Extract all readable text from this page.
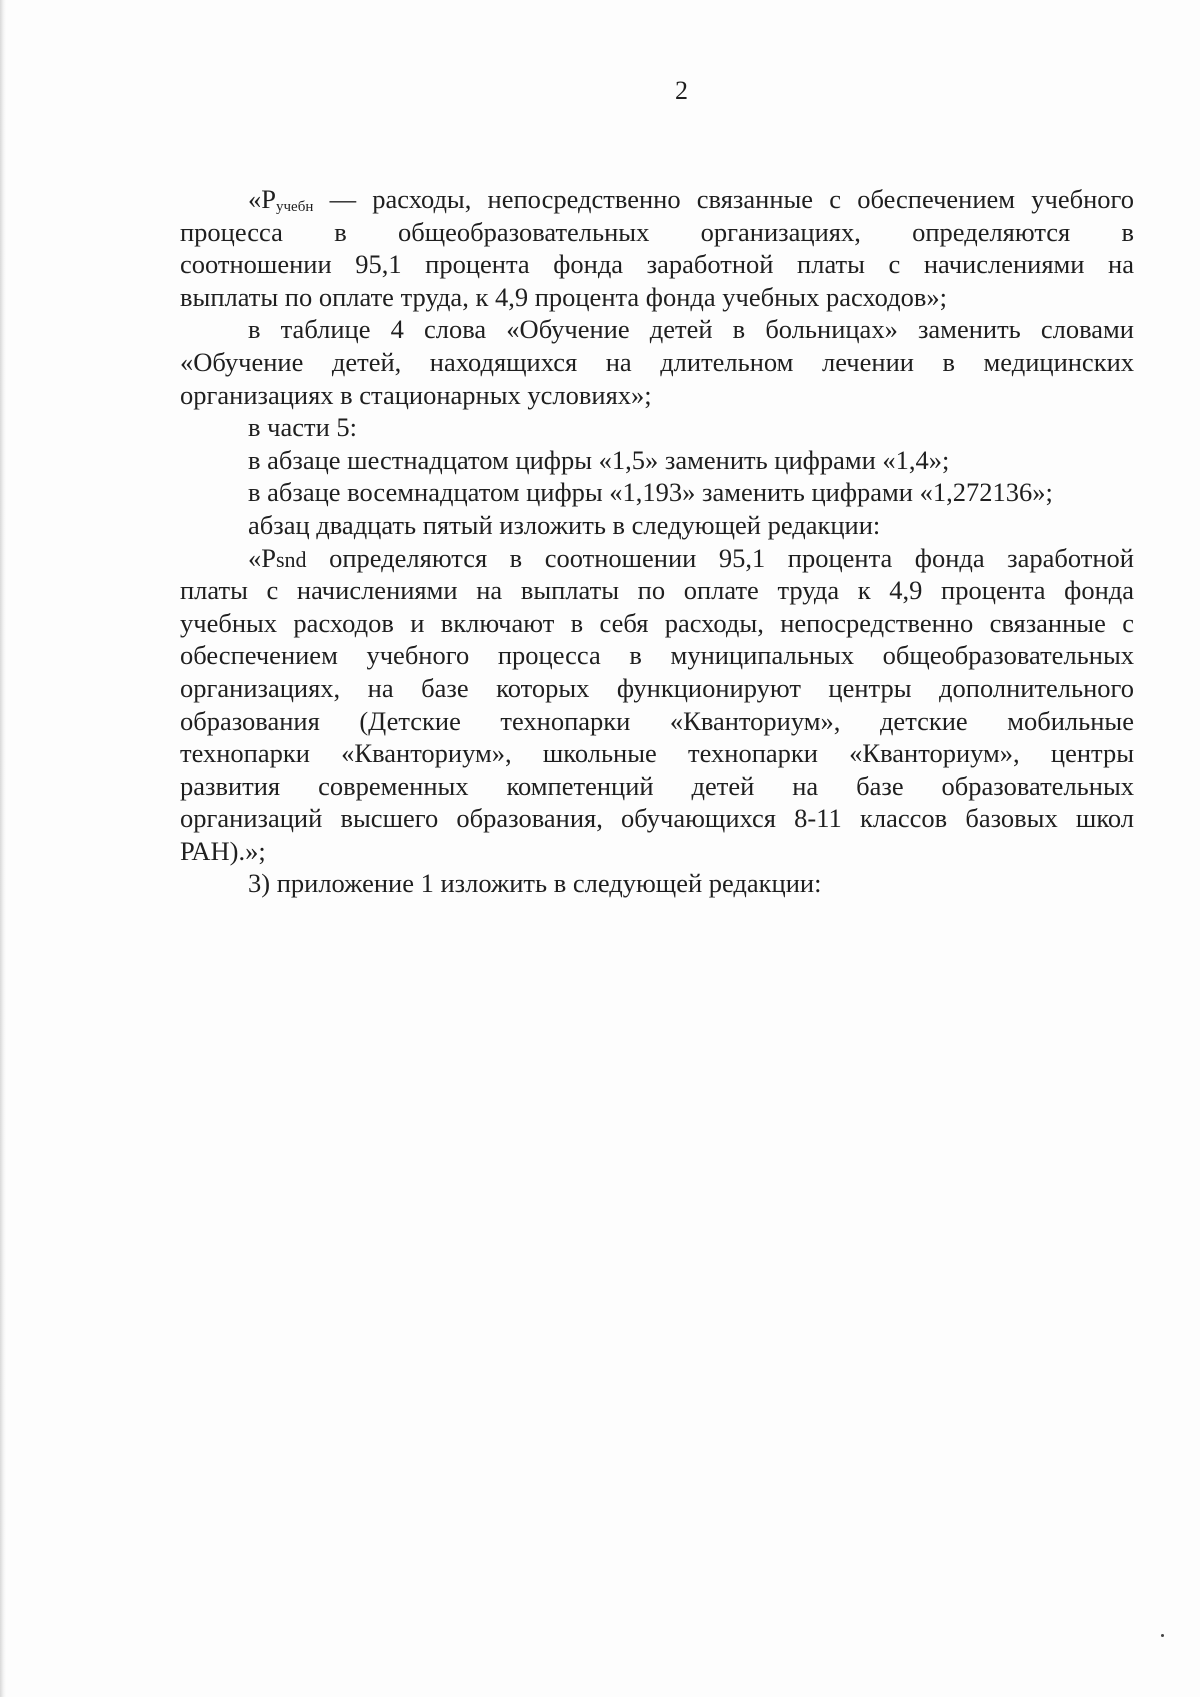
2
«$Р_{учебн}$ — расходы, непосредственно связанные с обеспечением учебного
процесса в общеобразовательных организациях, определяются в
соотношении 95,1 процента фонда заработной платы с начислениями на
выплаты по оплате труда, к 4,9 процента фонда учебных расходов»;
в таблице 4 слова «Обучение детей в больницах» заменить словами
«Обучение детей, находящихся на длительном лечении в медицинских
организациях в стационарных условиях»;
в части 5:
в абзаце шестнадцатом цифры «1,5» заменить цифрами «1,4»;
в абзаце восемнадцатом цифры «1,193» заменить цифрами «1,272136»;
абзац двадцать пятый изложить в следующей редакции:
«Рsnd определяются в соотношении 95,1 процента фонда заработной
платы с начислениями на выплаты по оплате труда к 4,9 процента фонда
учебных расходов и включают в себя расходы, непосредственно связанные с
обеспечением учебного процесса в муниципальных общеобразовательных
организациях, на базе которых функционируют центры дополнительного
образования (Детские технопарки «Кванториум», детские мобильные
технопарки «Кванториум», школьные технопарки «Кванториум», центры
развития современных компетенций детей на базе образовательных
организаций высшего образования, обучающихся 8-11 классов базовых школ
РАН).»;
3) приложение 1 изложить в следующей редакции:
